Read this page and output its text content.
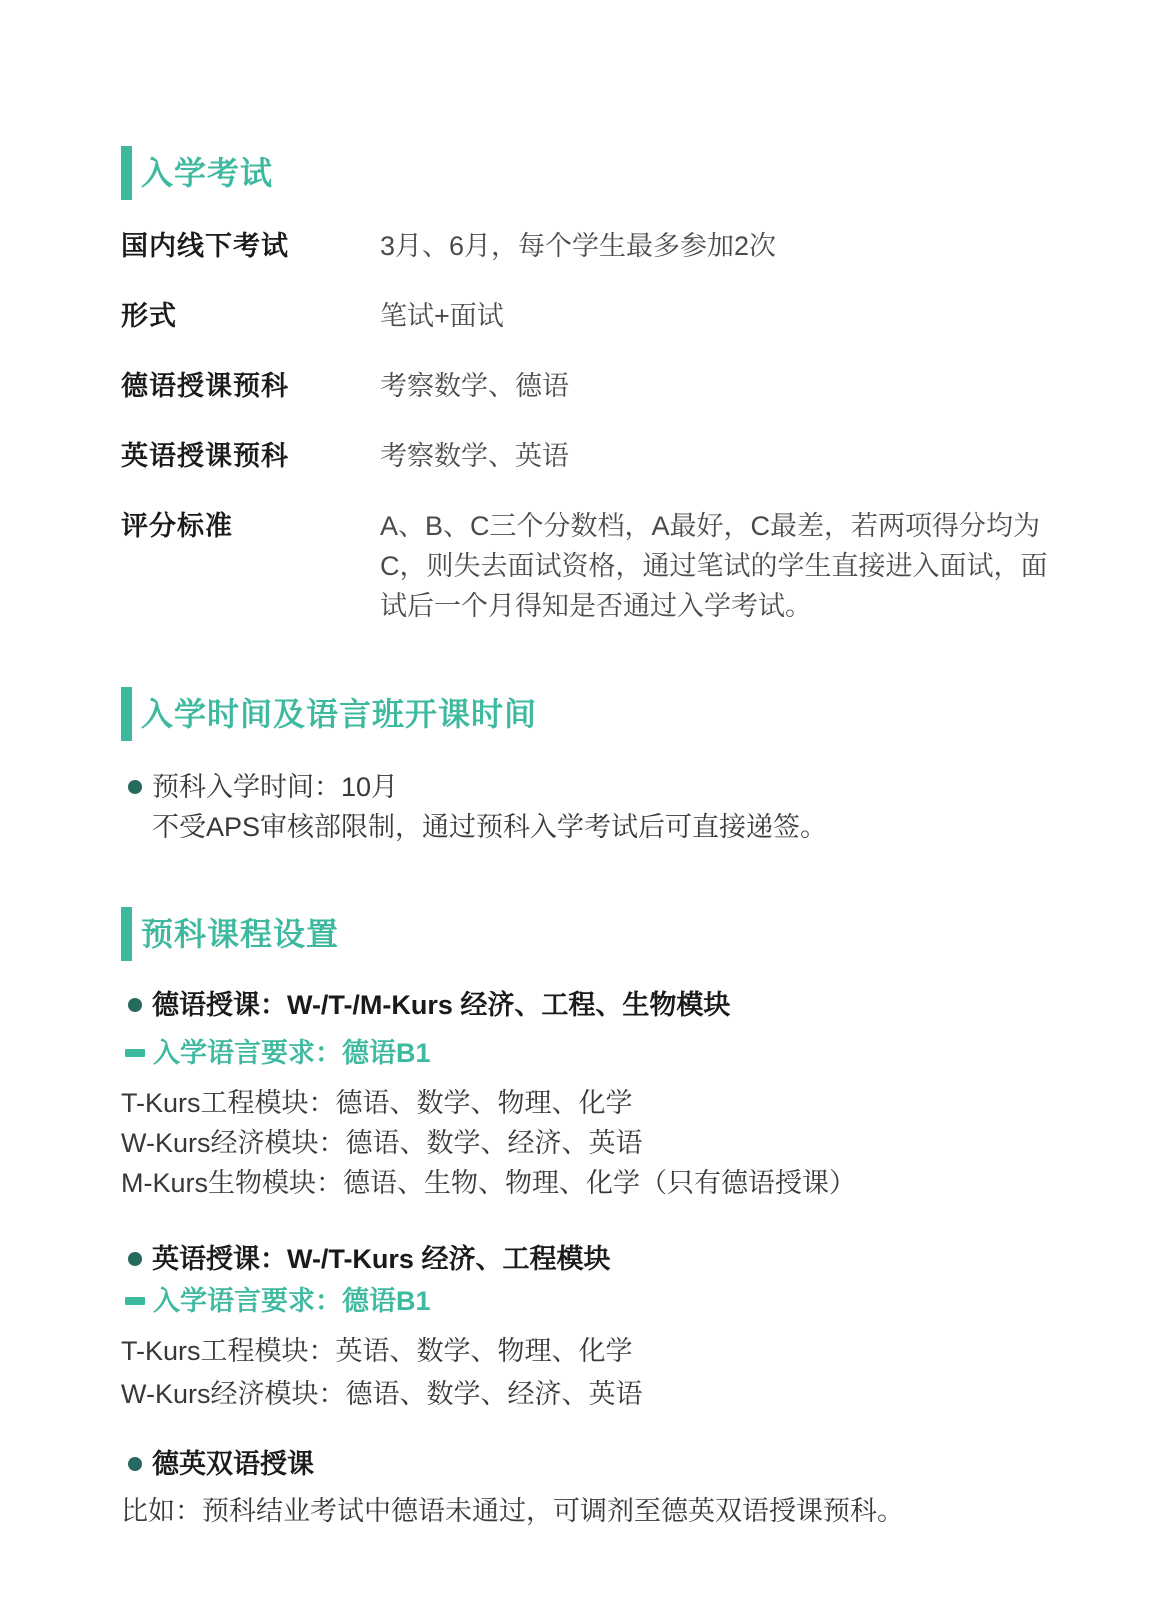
入学考试
国内线下考试	3月、6月，每个学生最多参加2次
形式	笔试+面试
德语授课预科	考察数学、德语
英语授课预科	考察数学、英语
评分标准	A、B、C三个分数档，A最好，C最差，若两项得分均为C，则失去面试资格，通过笔试的学生直接进入面试，面试后一个月得知是否通过入学考试。
入学时间及语言班开课时间
预科入学时间：10月
不受APS审核部限制，通过预科入学考试后可直接递签。
预科课程设置
德语授课：W-/T-/M-Kurs 经济、工程、生物模块
入学语言要求：德语B1
T-Kurs工程模块：德语、数学、物理、化学
W-Kurs经济模块：德语、数学、经济、英语
M-Kurs生物模块：德语、生物、物理、化学（只有德语授课）
英语授课：W-/T-Kurs 经济、工程模块
入学语言要求：德语B1
T-Kurs工程模块：英语、数学、物理、化学
W-Kurs经济模块：德语、数学、经济、英语
德英双语授课
比如：预科结业考试中德语未通过，可调剂至德英双语授课预科。
